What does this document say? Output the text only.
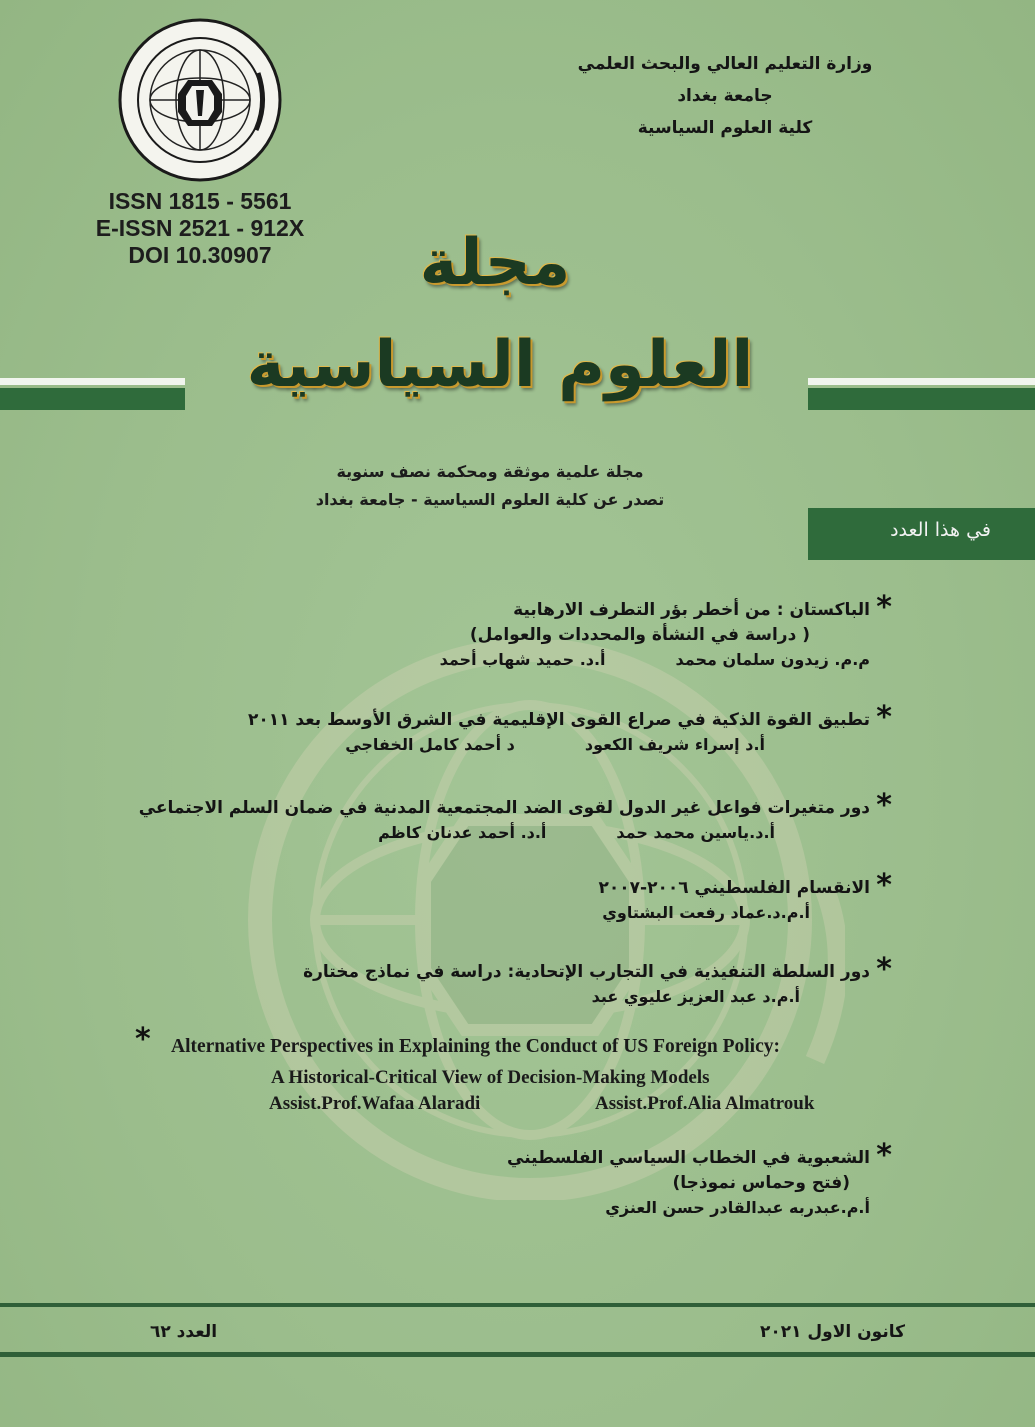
ISSN 1815 - 5561
E-ISSN 2521 - 912X
DOI 10.30907
وزارة التعليم العالي والبحث العلمي
جامعة بغداد
كلية العلوم السياسية
مجلة
العلوم السياسية
مجلة علمية موثقة ومحكمة نصف سنوية
تصدر عن كلية العلوم السياسية - جامعة بغداد
في هذا العدد
*
الباكستان : من أخطر بؤر التطرف الارهابية
( دراسة في النشأة والمحددات والعوامل)
م.م. زيدون سلمان محمدأ.د. حميد شهاب أحمد
*
تطبيق القوة الذكية في صراع القوى الإقليمية في الشرق الأوسط بعد ٢٠١١
أ.د إسراء شريف الكعودد أحمد كامل الخفاجي
*
دور متغيرات فواعل غير الدول لقوى الضد المجتمعية المدنية في ضمان السلم الاجتماعي
أ.د.ياسين محمد حمدأ.د. أحمد عدنان كاظم
*
الانقسام الفلسطيني ٢٠٠٦-٢٠٠٧
أ.م.د.عماد رفعت البشتاوي
*
دور السلطة التنفيذية في التجارب الإتحادية: دراسة في نماذج مختارة
أ.م.د عبد العزيز عليوي عبد
* Alternative Perspectives in Explaining the Conduct of US Foreign Policy:
A Historical-Critical View of Decision-Making Models
Assist.Prof.Wafaa Alaradi	Assist.Prof.Alia Almatrouk
*
الشعبوية في الخطاب السياسي الفلسطيني
(فتح وحماس نموذجا)
أ.م.عبدربه عبدالقادر حسن العنزي
العدد ٦٢	كانون الاول ٢٠٢١
